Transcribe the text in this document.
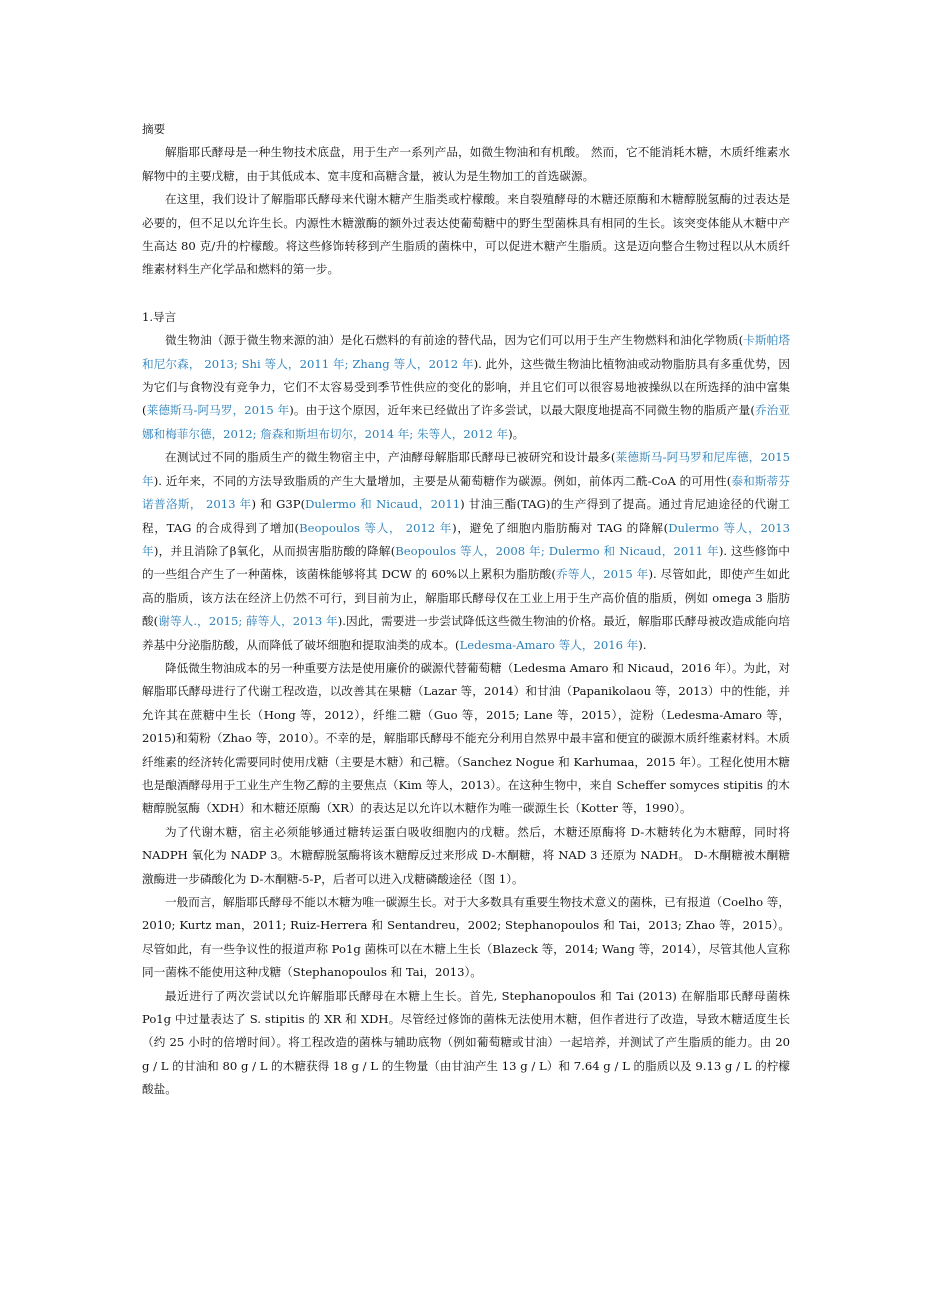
摘要

解脂耶氏酵母是一种生物技术底盘，用于生产一系列产品，如微生物油和有机酸。 然而，它不能消耗木糖，木质纤维素水解物中的主要戊糖，由于其低成本、宽丰度和高糖含量，被认为是生物加工的首选碳源。

在这里，我们设计了解脂耶氏酵母来代谢木糖产生脂类或柠檬酸。来自裂殖酵母的木糖还原酶和木糖醇脱氢酶的过表达是必要的，但不足以允许生长。内源性木糖激酶的额外过表达使葡萄糖中的野生型菌株具有相同的生长。该突变体能从木糖中产生高达 80 克/升的柠檬酸。将这些修饰转移到产生脂质的菌株中，可以促进木糖产生脂质。这是迈向整合生物过程以从木质纤维素材料生产化学品和燃料的第一步。

1.导言

微生物油（源于微生物来源的油）是化石燃料的有前途的替代品，因为它们可以用于生产生物燃料和油化学物质(卡斯帕塔和尼尔森， 2013; Shi 等人，2011 年; Zhang 等人，2012 年). 此外，这些微生物油比植物油或动物脂肪具有多重优势，因为它们与食物没有竞争力，它们不太容易受到季节性供应的变化的影响，并且它们可以很容易地被操纵以在所选择的油中富集(莱德斯马-阿马罗，2015 年)。由于这个原因，近年来已经做出了许多尝试，以最大限度地提高不同微生物的脂质产量(乔治亚娜和梅菲尔德，2012; 詹森和斯坦布切尔，2014 年; 朱等人，2012 年)。

在测试过不同的脂质生产的微生物宿主中，产油酵母解脂耶氏酵母已被研究和设计最多(莱德斯马-阿马罗和尼库德，2015 年). 近年来，不同的方法导致脂质的产生大量增加，主要是从葡萄糖作为碳源。例如，前体丙二酰-CoA 的可用性(泰和斯蒂芬诺普洛斯， 2013 年) 和 G3P(Dulermo 和 Nicaud，2011) 甘油三酯(TAG)的生产得到了提高。通过肯尼迪途径的代谢工程，TAG 的合成得到了增加(Beopoulos 等人， 2012 年)，避免了细胞内脂肪酶对 TAG 的降解(Dulermo 等人，2013 年)，并且消除了β氧化，从而损害脂肪酸的降解(Beopoulos 等人，2008 年; Dulermo 和 Nicaud，2011 年). 这些修饰中的一些组合产生了一种菌株，该菌株能够将其 DCW 的 60%以上累积为脂肪酸(乔等人，2015 年). 尽管如此，即使产生如此高的脂质，该方法在经济上仍然不可行，到目前为止，解脂耶氏酵母仅在工业上用于生产高价值的脂质，例如 omega 3 脂肪酸(谢等人.，2015; 薛等人，2013 年).因此，需要进一步尝试降低这些微生物油的价格。最近，解脂耶氏酵母被改造成能向培养基中分泌脂肪酸，从而降低了破坏细胞和提取油类的成本。(Ledesma-Amaro 等人，2016 年).

降低微生物油成本的另一种重要方法是使用廉价的碳源代替葡萄糖（Ledesma Amaro 和 Nicaud，2016 年）。为此，对解脂耶氏酵母进行了代谢工程改造，以改善其在果糖（Lazar 等，2014）和甘油（Papanikolaou 等，2013）中的性能，并允许其在蔗糖中生长（Hong 等，2012），纤维二糖（Guo 等，2015; Lane 等，2015），淀粉（Ledesma-Amaro 等，2015)和菊粉（Zhao 等，2010）。不幸的是，解脂耶氏酵母不能充分利用自然界中最丰富和便宜的碳源木质纤维素材料。木质纤维素的经济转化需要同时使用戊糖（主要是木糖）和己糖。（Sanchez Nogue 和 Karhumaa，2015 年）。工程化使用木糖也是酿酒酵母用于工业生产生物乙醇的主要焦点（Kim 等人，2013）。在这种生物中，来自 Scheffer somyces stipitis 的木糖醇脱氢酶（XDH）和木糖还原酶（XR）的表达足以允许以木糖作为唯一碳源生长（Kotter 等，1990）。

为了代谢木糖，宿主必须能够通过糖转运蛋白吸收细胞内的戊糖。然后，木糖还原酶将 D-木糖转化为木糖醇，同时将 NADPH 氧化为 NADP 3。木糖醇脱氢酶将该木糖醇反过来形成 D-木酮糖，将 NAD 3 还原为 NADH。 D-木酮糖被木酮糖激酶进一步磷酸化为 D-木酮糖-5-P，后者可以进入戊糖磷酸途径（图 1）。

一般而言，解脂耶氏酵母不能以木糖为唯一碳源生长。对于大多数具有重要生物技术意义的菌株，已有报道（Coelho 等，2010; Kurtz man，2011; Ruiz-Herrera 和 Sentandreu，2002; Stephanopoulos 和 Tai，2013; Zhao 等，2015）。尽管如此，有一些争议性的报道声称 Po1g 菌株可以在木糖上生长（Blazeck 等，2014; Wang 等，2014），尽管其他人宣称同一菌株不能使用这种戊糖（Stephanopoulos 和 Tai，2013）。

最近进行了两次尝试以允许解脂耶氏酵母在木糖上生长。首先, Stephanopoulos 和 Tai (2013) 在解脂耶氏酵母菌株 Po1g 中过量表达了 S. stipitis 的 XR 和 XDH。尽管经过修饰的菌株无法使用木糖，但作者进行了改造，导致木糖适度生长（约 25 小时的倍增时间）。将工程改造的菌株与辅助底物（例如葡萄糖或甘油）一起培养，并测试了产生脂质的能力。由 20 g / L 的甘油和 80 g / L 的木糖获得 18 g / L 的生物量（由甘油产生 13 g / L）和 7.64 g / L 的脂质以及 9.13 g / L 的柠檬酸盐。
